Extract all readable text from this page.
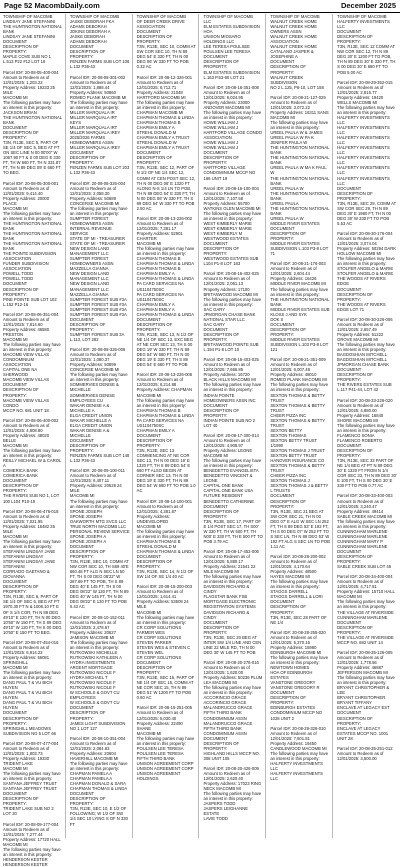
Page 52 MacombDaily.com	December 2025

TOWNSHIP OF MACOMB
LINDSAY JANE STEFANINI
THE HUNTINGTON NATIONAL BANK
LINDSAY JANE STEFANINI
DOCUMENT
DESCRIPTION OF PROPERTY:
MAPLE COVE SUB NO 1
L.513 P22 #12 LOT 16

Parcel ID#: 20-08-05-400-004
Amount to Redeem as of 12/01/2025: 1,203.22
Property Address: 19233 25 MILE
MACOMB MI
The following parties may have an interest in this property:
JACKSON BRIAN
THE HUNTINGTON NATIONAL BANK
DOCUMENT
DESCRIPTION OF PROPERTY:
T3N, R13E, SEC 5, PART OF SE 1/4 OF SEC 5, BEG AT PT ON SEC LINE N 00 00'00" W 1067.90 FT & S 00 DEG E 330 FT, TH W 660 FT, TH N 331.87 FT, TH N 89 DEG 09' E 660 FT TO BEG.

Parcel ID#: 20-08-05-300-001
Amount to Redeem as of 12/01/2025: 9,414.40
Property Address: 20000 PLACE
MACOMB MI
The following parties may have an interest in this property:
THE HUNTINGTON NATIONAL BANK
THE HUNTINGTON NATIONAL BANK
THE HUNTINGTON NATIONAL BANK
THE POINTE SUBDIVISION ASSOCIATION
FUNDER SUBDIVISION ASSOCIATION
POWELL TODD
POWELL TODD
DOCUMENT
DESCRIPTION OF PROPERTY:
PINE POINTE SUB LOT 102
L.152 P12-16

Parcel ID#: 20-08-06-351-004
Amount to Redeem as of 12/01/2025: 7,814.60
Property Address: 46580 PRESTON
MACOMB MI
The following parties may have an interest in this property:
MACOMB VIEW VILLAS
CONDOMINIUM ASSOCIATION
CAPITAL ONE NA SHERWOOD
MACOMB VIEW VILLAS
DOCUMENT
DESCRIPTION OF PROPERTY:
MACOMB VIEW VILLAS CONDO
MCCP NO. 681 UNIT 18

Parcel ID#: 20-08-06-400-002
Amount to Redeem as of 12/01/2025: 4,808.80
Property Address: 48020 BELLE
MACOMB MI
The following parties may have an interest in this property:
REILLY MICHAEL W & CAROL A
COMERICA BANK
COMERICA BANK
DOCUMENT
DESCRIPTION OF PROPERTY:
THE RIVERS SUB NO 1, LOT 100 L104 P10-19

Parcel ID#: 20-08-06-476-018
Amount to Redeem as of 12/01/2025: 7,021.95
Property Address: 16482 25 MILE
MACOMB MI
The following parties may have an interest in this property:
STEFANINI LINDSAY JANE
STEFANINI LINDSAY
STEFANINI LINDSAY JANE
STEFANINI
CORRADO GAETANO &
GIOVANNA
DOCUMENT
DESCRIPTION OF PROPERTY:
T3N, R13E, SEC 6, PART OF SE 1/4 OF SEC 6, BEG AT PT 1970.30 FT N & 1006.10 FT E OF S 1/4 COR, TH N 89 DEG 49'10" E 120 FT, TH N 00 DEG 10'50" W 150 FT, TH S 89 DEG 49'10" W 120 FT, TH S 00 DEG 10'50" E 150 FT TO BEG.

Parcel ID#: 20-08-07-454-016
Amount to Redeem as of 12/01/2025: 6,914.22
Property Address: 56081 SPRINGHILL
MACOMB MI
The following parties may have an interest in this property:
DANG PAUL T & VU BICH HUYEN
DANG PAUL T & VU BICH HUYEN
DANG PAUL T & VU BICH HUYEN
DOCUMENT
DESCRIPTION OF PROPERTY:
SPRINGHILL MEADOWS SUBDIVISION NO 5 LOT 66

Parcel ID#: 20-08-07-477-004
Amount to Redeem as of 12/01/2025: 1,803.73
Property Address: 19330 TRIDENT LAKE
MACOMB MI
The following parties may have an interest in this property:
SANTANA JEFFREY TRUST
SANTANA JEFFREY TRUST
DOCUMENT
DESCRIPTION OF PROPERTY:
TRIDENT LAKE SUB NO 2 LOT 20

Parcel ID#: 20-08-09-177-004
Amount to Redeem as of 12/01/2025: 7,277.44
Property Address: 17720 HALL
MACOMB MI
The following parties may have an interest in this property:
HENDERSON KESTER
HENDERSON KESTER

TOWNSHIP OF MACOMB
JASKE DEBORAH FKA ADAMS DEBORAH
JOKINS DEBORAH A
JASKE DEBORAH
ADAMS DEBORAH
DOCUMENT
DESCRIPTION OF PROPERTY:
FENZEN FARMS SUB LOT 106
L.132 P36-43

Parcel ID#: 20-08-08-301-002
Amount to Redeem as of 12/01/2025: 1,888.44
Property Address: 50860 ROMEO PLANK MACOMB MI
The following parties may have an interest in this property:
MILLER MARQUALA IR
MILLER MARQUALA IRT
KEYS
MILLER MARQUALA IRT
MILLER MARQUALA IREY
2025/2026 FARMS
HOMEOWNERS ASSN
MILLER MARQUALA IREY
DOCUMENT
DESCRIPTION OF PROPERTY:
FENZEN FARMS SUB LOT 203
L.132 P36-43

Parcel ID#: 20-08-08-326-004
Amount to Redeem as of 12/01/2025: 2,058.30
Property Address: 50689
CONCERSE MACOMB MI
The following parties may have an interest in this property:
SUMPTER FOREST
HOMEOWNERS ASSN
INTERNAL REVENUE SERVICE
STATE OF MI - TREASURER
STATE OF MI - TREASURER
NEW DESIGN LAND MANAGEMENT LLC
SUMPTER FOREST
HOMEOWNERS ASSN
MAZZELLA GIANNA
NEW DESIGN LAND MANAGEMENT LLC
NEW DESIGN LAND MANAGEMENT LLC
MAZZELLA GIANNA
SUMPTER FOREST SUB #3A
SUMPTER FOREST SUB #3A
SUMPTER FOREST SUB #3A
SUMPTER FOREST SUB #3A
DOCUMENT
DESCRIPTION OF PROPERTY:
SUMPTER FOREST SUB 3A
L.113, LOT 282

Parcel ID#: 20-08-08-326-006
Amount to Redeem as of 12/01/2025: 1,080.37
Property Address: 50899
CONCERSE MACOMB MI
The following parties may have an interest in this property:
SOMMERVIES DENISE & MICHELLE
SOMMERVIES DENISE
EMPLOYEES CU
WAKAR DENISE A & MICHELLE A
ELGA CREDIT UNION
WAKAR MICHELLE A
ELGA CREDIT UNION
WAKAR DENISE A & MICHELLE
DOCUMENT
DESCRIPTION OF PROPERTY:
FENZEN FARMS SUB LOT 148
L.132 P36-43

Parcel ID#: 20-08-09-100-011
Amount to Redeem as of 12/01/2025: 6,407.11
Property Address: 20528 24 MILE
MACOMB MI
The following parties may have an interest in this property:
SPONE JOSEPH
SPONE JOSEPH
OAKWORTH MTG SVCS LLC
TRUE NORTH MACOMB LLC
PERSONAL REVIEW SERVICE
SPONE JOSEPH A
SPONE JOSEPH A
DOCUMENT
DESCRIPTION OF PROPERTY:
T3N, R13E, SEC 10, COMM AT NW COR SEC 10, TH S89 40'E 660.48 FT ALG N SEC LN 50 FT, TH S 00 DEG 08'22" W 287.69 FT TO POB, TH S 89 DEG 40' E 145 FT, TH S 00 DEG 08'22" W 130 FT, TH N 89 DEG 40' W 145 FT, TH N 00 DEG 08'22" E 130 FT TO POB 0.43 AC

Parcel ID#: 20-08-10-152-011
Amount to Redeem as of 12/01/2025: 2,478.67
Property Address: 20627 JAMISON MACOMB MI
The following parties may have an interest in this property:
RUTKOWSKI MICHELLE
RUTKOWSKI KATHLEEN A
HYDRA INVESTMENTS
ARGENT MORTGAGE
RUTKOWSKI NICOLE F
HYDRA MICHAEL T
RUTKOWSKI NICOLE F
RUTKOWSKI NICOLE F
W SCHOOLS & GOVT CU
EMPLOYEES
W SCHOOLS & GOVT CU
DOCUMENT
DESCRIPTION OF PROPERTY:
JAMES LIGHT SUBDIVISION
NO 1 LOT 127

Parcel ID#: 20-08-10-351-004
Amount to Redeem as of 12/01/2025: 2,084.83
Property Address: 20604 HAVERHILL MACOMB MI
The following parties may have an interest in this property:
CHAPMAN PAMELA A
CHAPMAN PAMELA A
CHAPMAN DONALD & SARA
CHAPMAN THOMAS & LINDA
DOCUMENT
DESCRIPTION OF PROPERTY:
T3N, R13E, SEC 10, E 1/2 OF FOLLOWING; W 1/2 OF SW 1/4 SEC 10 LYING S OF N 330 FT

TOWNSHIP OF MACOMB
OF DEER CREEK DRIVE ASSOCIATION
DOCUMENT
DESCRIPTION OF PROPERTY:
T3N, R13E, SEC 10, COMM AT SW COR SEC 10, TH N 89 DEG 54' E 330 FT, TH N 00 DEG 06' W 330 FT TO POB 0.32 AC

Parcel ID#: 20-08-12-326-001
Amount to Redeem as of 12/01/2025: 6,712.71
Property Address: 21048 HARTFORD MACOMB MI
The following parties may have an interest in this property:
CHAPMAN MACOMB MI
CHAPMAN THOMAS & LINDA
CHAPMAN THOMAS B
CHAPMAN EMILY A
STREHL DONALD M
CHAPMAN EMILY A TRUST
STREHL DONALD W
CHAPMAN EMILY A TRUST
DOCUMENT
DESCRIPTION OF PROPERTY:
T3N, R13E, SEC 12, PART OF N 1/2 OF NE 1/4 SEC 12, COMM AT CEN POST SEC 12, TH N 00 DEG 06' E 1320 FT ALONG N-S 1/4 LN TO POB, TH N 89 DEG 54' E 330 FT, TH N 00 DEG 06' W 330 FT, TH S 89 DEG 54' W 330 FT TO POB 2.50 AC

Parcel ID#: 20-08-13-226-002
Amount to Redeem as of 12/01/2025: 7,381.17
Property Address: 52901 CHARTER
MACOMB MI
The following parties may have an interest in this property:
CHAPMAN THOMAS B
CHAPMAN THOMAS & LINDA
CHAPMAN THOMAS B
CHAPMAN EMILY A
CHAPMAN THOMAS & LINDA
PA CARD SERVICES NA
US1104750SC
PA CARD SERVICES NA
US1104750SC
CHAPMAN EMILY A
CHAPMAN EMILY A
CHAPMAN THOMAS & LINDA
DOCUMENT
DESCRIPTION OF PROPERTY:
T3N, R13E, SEC 13, N 1/2 OF NE 1/4 OF SEC 13, EXC BEG AT NE COR SEC 13, TH S 00 DEG 19' W 330 FT, TH N 89 DEG 54' W 660 FT, TH N 00 DEG 19' E 330 FT, TH S 89 DEG 54' E 660 FT TO POB

Parcel ID#: 20-08-13-226-006
Amount to Redeem as of 12/01/2025: 6,214.88
Property Address: CHAPMAN
MACOMB MI
The following parties may have an interest in this property:
CHAPMAN THOMAS B
CHAPMAN THOMAS & LINDA
PA CARD SERVICES NA
US1104750SC
CHAPMAN EMILY A
DOCUMENT
DESCRIPTION OF PROPERTY:
T3N, R13E, SEC 13 COMMENCING AT NE COR SEC 13, TH N 00 DEG 19' E 1320 FT, TH S 89 DEG 54' E 660 FT ALSO BEGIN AT CORNER SEC 13, TH N 00 DEG 19' E 330 FT, TH N 89 DEG 54' W 660 FT TO POB 1.0 AC

Parcel ID#: 20-08-14-100-001
Amount to Redeem as of 12/01/2025: 4,381.87
Property Address: UNDEVELOPED
MACOMB MI
The following parties may have an interest in this property:
CHAPMAN THOMAS B
STREHL DONALD M
CHAPMAN THOMAS & LINDA
DOCUMENT
DESCRIPTION OF PROPERTY:
T3N, R13E, SEC 14, N 1/2 OF SW 1/4 OF SE 1/4 40 AC

Parcel ID#: 20-08-15-200-003
Amount to Redeem as of 12/01/2025: 1,614.41
Property Address: 53509 24 MILE
MACOMB MI
The following parties may have an interest in this property:
CR CORP SOLUTIONS
FARMER WES
CR CORP SOLUTIONS
STEVEN PARKER
STEVEN WES & STEVEN C
STEVEN WEL
CR CORP SOLUTIONS
DOCUMENT
DESCRIPTION OF PROPERTY:
T3N, R13E, SEC 15, PART OF NE 1/4 OF SEC 15, COMM AT NE COR SEC 15, TH N 89 DEG 51' W 1200 FT TO POB 0.60 AC

Parcel ID#: 20-08-15-251-005
Amount to Redeem as of 12/01/2025: 5,030.40
Property Address: 22490 SHANE
MACOMB MI
The following parties may have an interest in this property:
POULSEN LEE TERESA
POULSEN LEE TERESA
FIFTH THIRD BANK
UNISON AGREEMENT CORP
UNISON AGREEMENT CORP
UNISON AGREEMENT HOLDINGS

TOWNSHIP OF MACOMB
LLC
ELM ESTATES SUBDIVISION HOA
UNISON MIOSARO HOLDINGS LLC
LEE TERESA POULSEE
POULSEN LEE TERESA
DOCUMENT
DESCRIPTION OF PROPERTY:
ELM ESTATES SUBDIVISION L.163 P.53-60 LOT 21

Parcel ID#: 20-08-16-351-008
Amount to Redeem as of 12/01/2025: 6,024.95
Property Address: 23000 ANDOVER MACOMB MI
The following parties may have an interest in this property:
HOWE WILLIAM J
HOWE WILLIAM J
HARTFORD VILLAGE CONDO ASSOCIATION
HOWE WILLIAM J
HOWE WILLIAM J
DOCUMENT
DESCRIPTION OF PROPERTY:
HARTFORD VILLAGE CONDOMINIUM MCCP NO 166 UNIT 19

Parcel ID#: 20-08-16-100-004
Amount to Redeem as of 12/01/2025: 7,107.58
Property Address: 55700 WATKINS GLEN MACOMB MI
The following parties may have an interest in this property:
WEST KIMBERLY MARIE
WEST KIMBERLY MARIE
WEST KIMBERLY M
WESTWOOD ESTATES
DOCUMENT
DESCRIPTION OF PROPERTY:
WESTWOOD ESTATES SUB L104 P1-8 LOT 183

Parcel ID#: 20-08-16-402-025
Amount to Redeem as of 12/01/2025: 2,061.13
Property Address: 17100 BRITANWOOD MACOMB MI
The following parties may have an interest in this property:
SAC GARY
JPMORGAN CHASE BANK NATIONAL STAR LLC
SAC GARY
DOCUMENT
DESCRIPTION OF PROPERTY:
BRITANWOOD POINTE SUB L.194 P1-8 LOT 10

Parcel ID#: 20-08-16-403-025
Amount to Redeem as of 12/01/2025: 7,666.85
Property Address: 16720 BLACK HILLS MACOMB MI
The following parties may have an interest in this property:
INDIAN POINTE HOMEOWNERS ASSN INC
DOCUMENT
DESCRIPTION OF PROPERTY:
INDIAN POINTE SUB NO 2 LOT 40

Parcel ID#: 20-08-17-300-014
Amount to Redeem as of 12/01/2025: 4,908.97
Property Address: LEONE MACOMB MI
The following parties may have an interest in this property:
BENEDETTO EVANGELISTA
BENEDETTO VINCENT & LEONE
CAPITAL ONE BANK
CAPITAL ONE BANK USA
FUTURE RESIDENT
BENEDETTO CATHERINE
DOCUMENT
DESCRIPTION OF PROPERTY:
T3N, R13E, SEC 17, PART OF E 1/4 POST SEC 17, TH S00' W 330 FT, TH W 500 FT, TH N00' E 330 FT, TH E 500 FT TO POB 3.79 AC

Parcel ID#: 20-08-17-452-006
Amount to Redeem as of 12/01/2025: 5,880.17
Property Address: 21541 22 MILE MACOMB MI
The following parties may have an interest in this property:
DAVIDSON RICHARD & CINDY
FLAGSTAR BANK FSB
MORTGAGE ELECTRONIC REGISTRATION SYSTEMS
DAVIDSON RICHARD & CINDY
DOCUMENT
DESCRIPTION OF PROPERTY:
T3N, R13E, SEC 20 BEG AT INTER SW 1/4 LINE AND CEN LINE 22 MILE RD, TH N 00 DEG 30' W 145 FT TO POB

Parcel ID#: 20-08-20-276-016
Amount to Redeem as of 12/01/2025: 1,620.00
Property Address: 50236 PLUM LEA MACOMB MI
The following parties may have an interest in this property:
ACCORINCIO GRACE
ACCORINCIO GRACE
MALANDRUCCO GRACE
FIFTH THIRD BANK
CONDOMINIUM ASSN
MALANDRUCCO GRACE
FIFTH THIRD BANK
CONDOMINIUM ASSN
DOCUMENT
DESCRIPTION OF PROPERTY:
HIGHLAND HILLS MCCP NO. 308 UNIT 105

Parcel ID#: 20-08-20-426-009
Amount to Redeem as of 12/01/2025: 2,620.40
Property Address: 17023 RING NECK MACOMB MI
The following parties may have an interest in this property:
JASPERS TODD
JASPERS LEIGHANNE ESTATE
LAVIE TODD

TOWNSHIP OF MACOMB
WALNUT CREEK HOME
WALNUT CREEK HOME
OWNERS ASSN
WALNUT CREEK HOME
ASSOCIATION
WALNUT CREEK HOME
CATALANO JASPER &
JOSEPHINE A
DOCUMENT
DESCRIPTION OF PROPERTY:
WALNUT CREEK SUBDIVISION
NO 2 L.125, P6-10, LOT 158

Parcel ID#: 20-08-21-127-029
Amount to Redeem as of 12/01/2025: 3,072.22
Property Address: 16311 SANS
MACOMB MI
The following parties may have an interest in this property:
UREEL PAULA W & JAMES UREEL PAULA W PA K
JENIFER PAULA W
THE HUNTINGTON NATIONAL BANK
THE HUNTINGTON NATIONAL BANK
UREEL PAULA W MA K PAUL W
THE HUNTINGTON NATIONAL BANK
UREEL PAULA W
THE HUNTINGTON NATIONAL BANK
UREEL PAULA
THE HUNTINGTON NATIONAL BANK
UREEL PAULA W
MIDDLE RIVER ESTATES
DOCUMENT
DESCRIPTION OF PROPERTY:
MIDDLE RIVER ESTATES SUBDIVISION L.103 P3-8 LOT 71

Parcel ID#: 20-08-21-176-003
Amount to Redeem as of 12/01/2025: 2,604.44
Property Address: 16426 MIDDLE RIVER MACOMB MI
The following parties may have an interest in this property:
THE HUNTINGTON NATIONAL BANK
MIDDLE RIVER ESTATES SUB
KLOSS J AND SYK
DOK S
DOCUMENT
DESCRIPTION OF PROPERTY:
MIDDLE RIVER ESTATES SUBDIVISION L.103 P3-8 LOT 121

Parcel ID#: 20-08-21-351-009
Amount to Redeem as of 12/01/2025: 6,007.48
Property Address: 48010 ROMEO PLANK MACOMB MI
The following parties may have an interest in this property:
SEXTON THOMAS & BETTY TRUST
SEXTON THOMAS & BETTY TRUST
CHEER PIZZA INC
SEXTON THOMAS & BETTY TRUST
SEXTON BETTY
SEXTON THOMAS
SEXTON BETTY TRUST 1/1990
SEXTON THOMAS J TRUST
SEXTON BETTY TRUST
HANOVER INSURANCE CO
SEXTON THOMAS & BETTY TRUST
CHEER PIZZA INC
SEXTON THOMAS J
SEXTON THOMAS J & BETTY L TRUSTS
DOCUMENT
DESCRIPTION OF PROPERTY:
T3N, R13E, SEC 21 BEG AT SW COR SEC 21, TH N 00 DEG 07' E ALG W SEC LN 252 FT, TH S 89 DEG 53' E 192 FT, TH S 00 DEG 07' W 252 FT TO S SEC LN, TH N 89 DEG 53' W 192 FT ALG S SEC LN TO POB 1.11 AC

Parcel ID#: 20-08-28-200-002
Amount to Redeem as of 12/01/2025: 4,170.64
Property Address: 48500 HAYES MACOMB MI
The following parties may have an interest in this property:
STAGGS DARRELL
STAGGS DARRELL & LORI
DOCUMENT
DESCRIPTION OF PROPERTY:
T3N, R13E, SEC 28 PART OF NE 1/4

Parcel ID#: 20-08-28-255-020
Amount to Redeem as of 12/01/2025: 5,370.16
Property Address: 15980 EDINBURGH MACOMB MI
The following parties may have an interest in this property:
NEWTOWN HOMES
HOA OF EDINBURGH ESTATES
VANSTONE GREGORY
VANSTONE GREGORY R
DOCUMENT
DESCRIPTION OF PROPERTY:
EDINBURGH ESTATES CONDOMINIUM MCCP NO 1028 UNIT 2

Parcel ID#: 20-08-29-326-010
Amount to Redeem as of 12/01/2025: 7,601.81
Property Address: 19450 CANDLEWOOD MACOMB MI
The following parties may have an interest in this property:
HALFERTY INVESTMENTS LLC
HALFERTY INVESTMENTS LLC

TOWNSHIP OF MACOMB
HALFERTY INVESTMENTS LLC
DOCUMENT
DESCRIPTION OF PROPERTY:
T3N, R13E, SEC 12 COMM AT NW COR SEC 12, TH N 89 DEG 30' E 1200 FT TO POB, TH N 89 DEG 30' E 330 FT, TH S 00 DEG 30' E 660 FT TO POB 5.00 AC

Parcel ID#: 20-08-29-352-015
Amount to Redeem as of 12/01/2025: 2,815.77
Property Address: 19420 WELLS MACOMB MI
The following parties may have an interest in this property:
HALFERTY INVESTMENTS LLC
HALFERTY INVESTMENTS LLC
HALFERTY INVESTMENTS LLC
HALFERTY INVESTMENTS LLC
HALFERTY INVESTMENTS LLC
HALFERTY INVESTMENTS LLC
HALFERTY INVESTMENTS LLC
DOCUMENT
DESCRIPTION OF PROPERTY:
T3N, R13E, SEC 29, COMM AT SW COR SEC 29, TH N 89 DEG 30' E 1980 FT, TH N 00 DEG 30' W 330 FT TO POB 5.53 AC

Parcel ID#: 20-08-30-176-004
Amount to Redeem as of 12/01/2025: 3,074.04
Property Address: 50294 DARK HOLLOW MACOMB MI
The following parties may have an interest in this property:
STOLFER ANGELO & MARIE
STOLFER ANGELO & MARIE
THE WOODS AT RIVERS EDGE
DOCUMENT
DESCRIPTION OF PROPERTY:
THE WOODS AT RIVERS EDGE LOT 71

Parcel ID#: 20-08-30-226-006
Amount to Redeem as of 12/01/2025: 2,657.49
Property Address: 51222 GROVE MACOMB MI
The following parties may have an interest in this property:
BAGDOSHIAN MITCHELL
BAGDOSHIAN MITCHELL
JPMORGAN CHASE BANK
DOCUMENT
DESCRIPTION OF PROPERTY:
THE RIVERS ESTATES SUB L.117 P41-44, LOT 42

Parcel ID#: 20-08-33-226-020
Amount to Redeem as of 12/01/2025: 4,880.00
Property Address: 16840 SHORE MACOMB MI
The following parties may have an interest in this property:
FLAMENCO SONIA
FLAMENCO ROBERTO
DOCUMENT
DESCRIPTION OF PROPERTY:
T3N, R13E, SEC 33 PART OF NE 1/4 BEG AT PT N 89 DEG 30' E 1320 FT FROM N 1/4 COR SEC 33, TH N 89 DEG 30' E 100 FT, TH S 00 DEG 30' E 330 FT TO POB 0.77 AC

Parcel ID#: 20-08-33-400-003
Amount to Redeem as of 12/01/2025: 3,240.47
Property Address: 49414 SABLE CREEK MACOMB MI
The following parties may have an interest in this property:
CUNNINGHAM MARLENE
CUNNINGHAM MARLENE
CUNNINGHAM MARY P
CUNNINGHAM MARLENE
DOCUMENT
DESCRIPTION OF PROPERTY:
SABLE CREEK SUB LOT 45

Parcel ID#: 20-08-34-400-004
Amount to Redeem as of 12/01/2025: 4,717.81
Property Address: 15710 HALL MACOMB MI
The following parties may have an interest in this property:
THE VILLAGE AT RIVERSIDE
CUNNINGHAM MARLENE
DOCUMENT
DESCRIPTION OF PROPERTY:
THE VILLAGE AT RIVERSIDE MCCP NO. 682 UNIT 14

Parcel ID#: 20-08-35-126-005
Amount to Redeem as of 12/01/2025: 1,778.56
Property Address: 46887 JEFFERSON MACOMB MI
The following parties may have an interest in this property:
BRYANT CHRISTOPHER & LEE
BRYANT CHRISTOPHER
BRYANT TIFFANY
ENCLAVE AT LEGACY EST
DOCUMENT
DESCRIPTION OF PROPERTY:
ENCLAVE AT LEGACY ESTATES MCCP NO. 1001 UNIT 28

Parcel ID#: 20-08-35-251-012
Amount to Redeem as of 12/01/2025: 3,500.00
